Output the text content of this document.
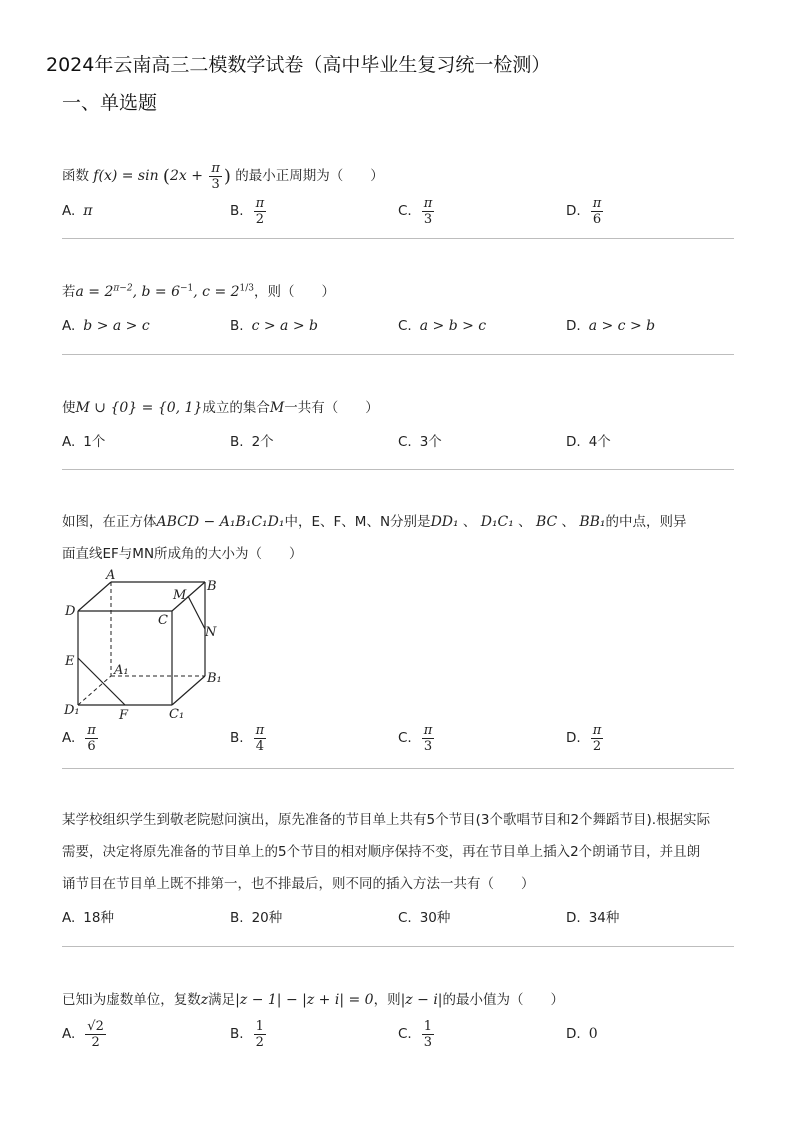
2024年云南高三二模数学试卷（高中毕业生复习统一检测）
一、单选题
函数 $f(x) = \sin (2x + \frac{\pi}{3}$ ) 的最小正周期为（　　）
A. π	B. $\frac{\pi}{2}$	C. $\frac{\pi}{3}$	D. $\frac{\pi}{6}$
若$a = 2^{\pi-2}$, $b = 6^{-1}$, $c = 2^{1/3}$，则（　　）
A. b > a > c	B. c > a > b	C. a > b > c	D. a > c > b
使M ∪ {0} = {0, 1}成立的集合M一共有（　　）
A. 1个	B. 2个	C. 3个	D. 4个
如图，在正方体ABCD − A₁B₁C₁D₁中，E、F、M、N分别是DD₁ 、 D₁C₁ 、 BC 、 BB₁的中点，则异
面直线EF与MN所成角的大小为（　　）
A
B
C
D
A₁
B₁
C₁
D₁
E
F
M
N
A. $\frac{\pi}{6}$	B. $\frac{\pi}{4}$	C. $\frac{\pi}{3}$	D. $\frac{\pi}{2}$
某学校组织学生到敬老院慰问演出，原先准备的节目单上共有5个节目(3个歌唱节目和2个舞蹈节目).根据实际
需要，决定将原先准备的节目单上的5个节目的相对顺序保持不变，再在节目单上插入2个朗诵节目，并且朗
诵节目在节目单上既不排第一，也不排最后，则不同的插入方法一共有（　　）
A. 18种	B. 20种	C. 30种	D. 34种
已知i为虚数单位，复数z满足|z − 1| − |z + i| = 0，则|z − i|的最小值为（　　）
A. $\frac{√2}{2}$	B. $\frac{1}{2}$	C. $\frac{1}{3}$	D. 0
